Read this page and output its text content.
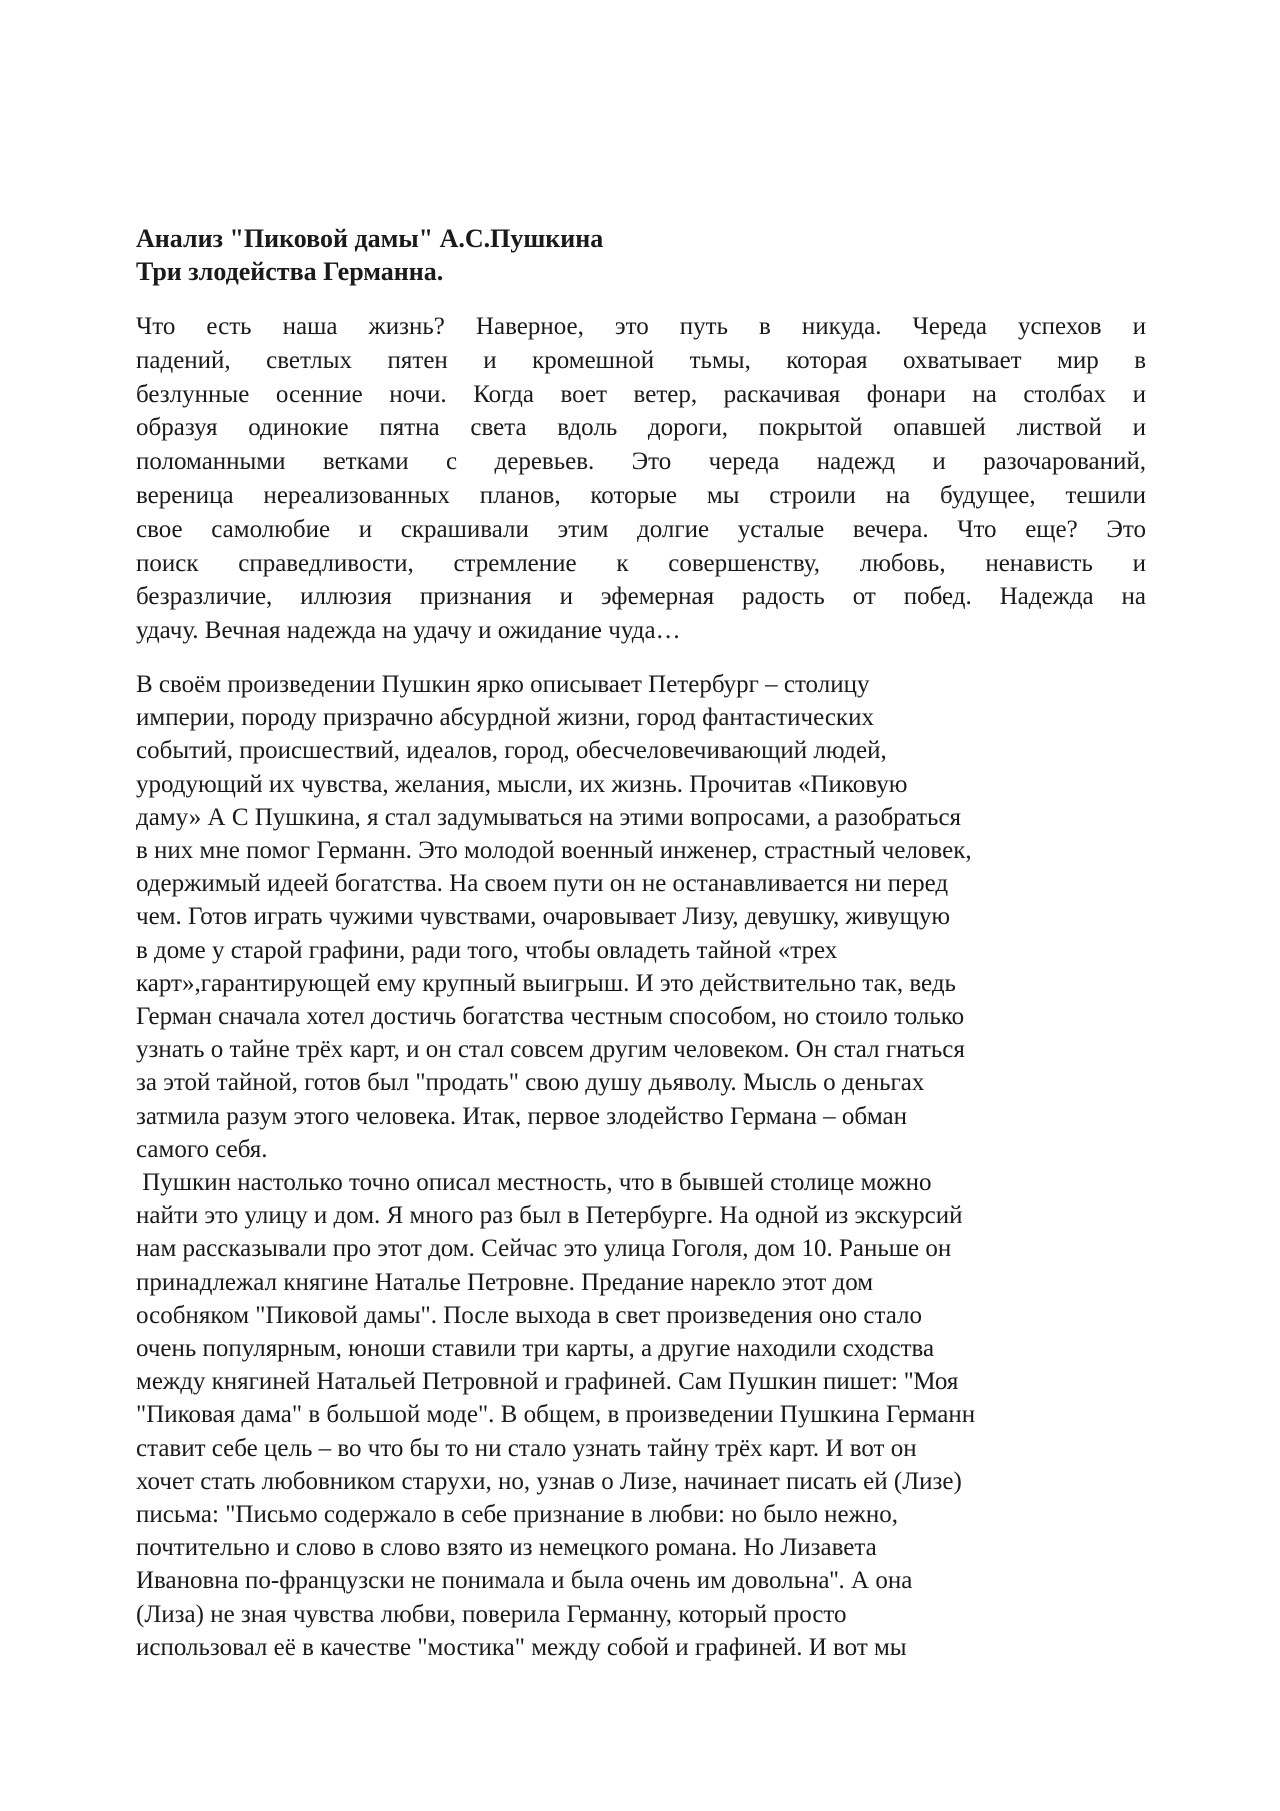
Анализ "Пиковой дамы" А.С.Пушкина
Три злодейства Германна.

Что есть наша жизнь? Наверное, это путь в никуда. Череда успехов и
падений, светлых пятен и кромешной тьмы, которая охватывает мир в
безлунные осенние ночи. Когда воет ветер, раскачивая фонари на столбах и
образуя одинокие пятна света вдоль дороги, покрытой опавшей листвой и
поломанными ветками с деревьев. Это череда надежд и разочарований,
вереница нереализованных планов, которые мы строили на будущее, тешили
свое самолюбие и скрашивали этим долгие усталые вечера. Что еще? Это
поиск справедливости, стремление к совершенству, любовь, ненависть и
безразличие, иллюзия признания и эфемерная радость от побед. Надежда на
удачу. Вечная надежда на удачу и ожидание чуда…

В своём произведении Пушкин ярко описывает Петербург – столицу
империи, породу призрачно абсурдной жизни, город фантастических
событий, происшествий, идеалов, город, обесчеловечивающий людей,
уродующий их чувства, желания, мысли, их жизнь. Прочитав «Пиковую
даму» А С Пушкина, я стал задумываться на этими вопросами, а разобраться
в них мне помог Германн. Это молодой военный инженер, страстный человек,
одержимый идеей богатства. На своем пути он не останавливается ни перед
чем. Готов играть чужими чувствами, очаровывает Лизу, девушку, живущую
в доме у старой графини, ради того, чтобы овладеть тайной «трех
карт»,гарантирующей ему крупный выигрыш. И это действительно так, ведь
Герман сначала хотел достичь богатства честным способом, но стоило только
узнать о тайне трёх карт, и он стал совсем другим человеком. Он стал гнаться
за этой тайной, готов был "продать" свою душу дьяволу. Мысль о деньгах
затмила разум этого человека. Итак, первое злодейство Германа – обман
самого себя.
Пушкин настолько точно описал местность, что в бывшей столице можно
найти это улицу и дом. Я много раз был в Петербурге. На одной из экскурсий
нам рассказывали про этот дом. Сейчас это улица Гоголя, дом 10. Раньше он
принадлежал княгине Наталье Петровне. Предание нарекло этот дом
особняком "Пиковой дамы". После выхода в свет произведения оно стало
очень популярным, юноши ставили три карты, а другие находили сходства
между княгиней Натальей Петровной и графиней. Сам Пушкин пишет: ''Моя
"Пиковая дама" в большой моде". В общем, в произведении Пушкина Германн
ставит себе цель – во что бы то ни стало узнать тайну трёх карт. И вот он
хочет стать любовником старухи, но, узнав о Лизе, начинает писать ей (Лизе)
письма: "Письмо содержало в себе признание в любви: но было нежно,
почтительно и слово в слово взято из немецкого романа. Но Лизавета
Ивановна по-французски не понимала и была очень им довольна''. А она
(Лиза) не зная чувства любви, поверила Германну, который просто
использовал её в качестве "мостика" между собой и графиней. И вот мы
